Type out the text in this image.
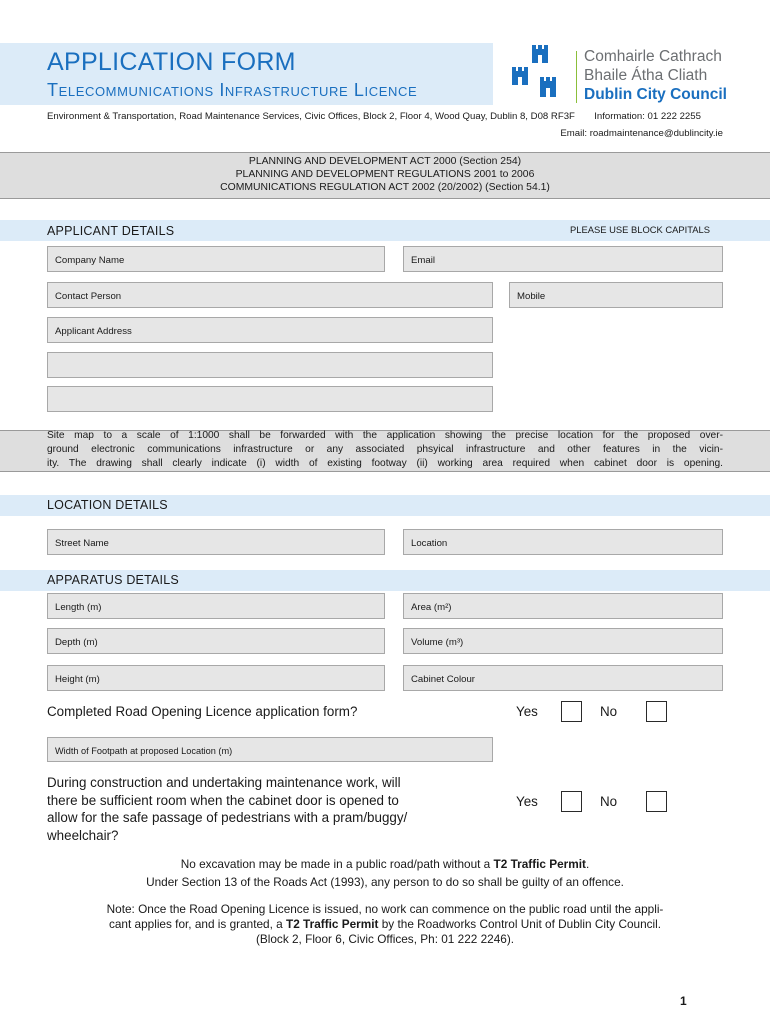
APPLICATION FORM
Telecommunications Infrastructure Licence
Comhairle Cathrach
Bhaile Átha Cliath
Dublin City Council
Environment & Transportation, Road Maintenance Services, Civic Offices, Block 2, Floor 4, Wood Quay, Dublin 8, D08 RF3F Information: 01 222 2255
Email: roadmaintenance@dublincity.ie
PLANNING AND DEVELOPMENT ACT 2000 (Section 254)
PLANNING AND DEVELOPMENT REGULATIONS 2001 to 2006
COMMUNICATIONS REGULATION ACT 2002 (20/2002) (Section 54.1)
APPLICANT DETAILS	PLEASE USE BLOCK CAPITALS
Company Name	Email
Contact Person	Mobile
Applicant Address
Site map to a scale of 1:1000 shall be forwarded with the application showing the precise location for the proposed over-
ground electronic communications infrastructure or any associated phsyical infrastructure and other features in the vicin-
ity. The drawing shall clearly indicate (i) width of existing footway (ii) working area required when cabinet door is opening.
LOCATION DETAILS
Street Name	Location
APPARATUS DETAILS
Length (m)	Area (m²)
Depth (m)	Volume (m³)
Height (m)	Cabinet Colour
Completed Road Opening Licence application form?	Yes	No
Width of Footpath at proposed Location (m)
During construction and undertaking maintenance work, will
there be sufficient room when the cabinet door is opened to
allow for the safe passage of pedestrians with a pram/buggy/
wheelchair?
Yes	No
No excavation may be made in a public road/path without a T2 Traffic Permit.
Under Section 13 of the Roads Act (1993), any person to do so shall be guilty of an offence.
Note: Once the Road Opening Licence is issued, no work can commence on the public road until the appli-
cant applies for, and is granted, a T2 Traffic Permit by the Roadworks Control Unit of Dublin City Council.
(Block 2, Floor 6, Civic Offices, Ph: 01 222 2246).
1
